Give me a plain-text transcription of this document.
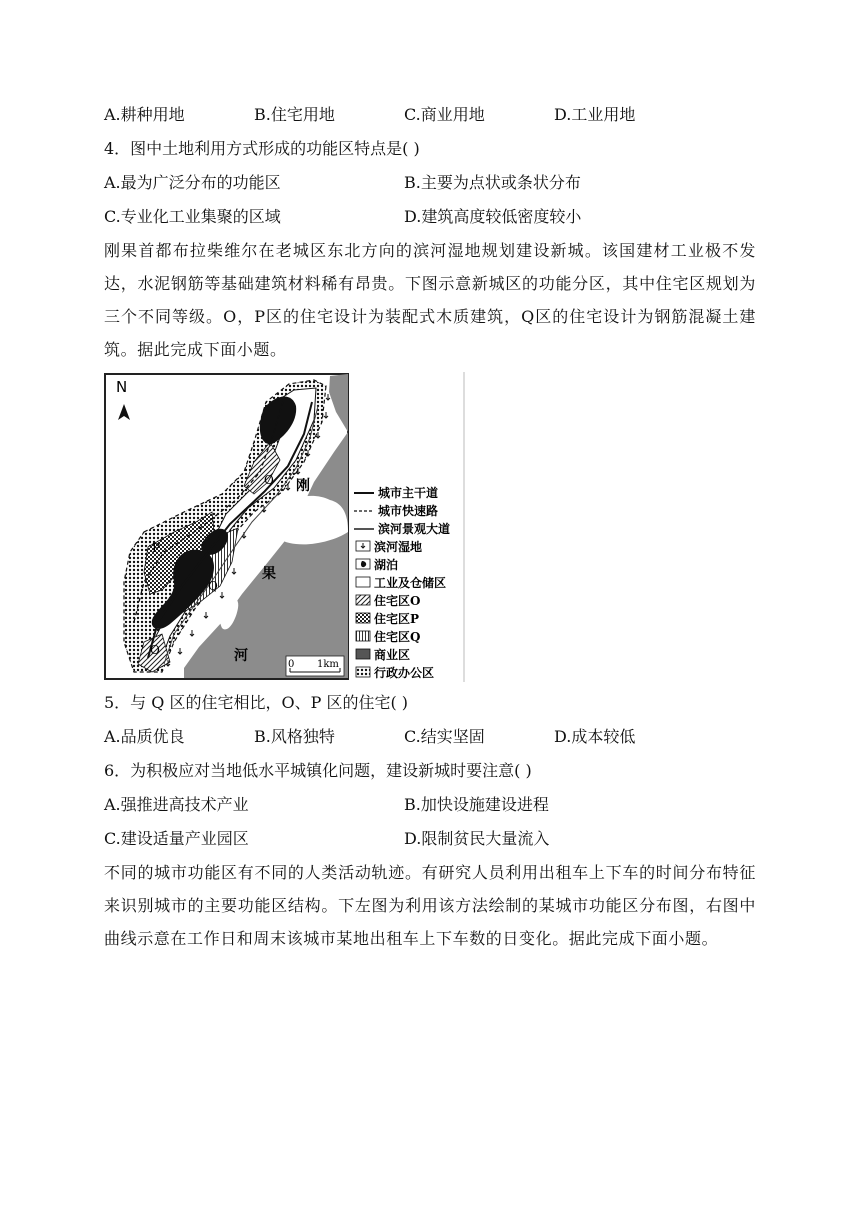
A.耕种用地	B.住宅用地	C.商业用地	D.工业用地
4．图中土地利用方式形成的功能区特点是( )
A.最为广泛分布的功能区	B.主要为点状或条状分布
C.专业化工业集聚的区域	D.建筑高度较低密度较小
刚果首都布拉柴维尔在老城区东北方向的滨河湿地规划建设新城。该国建材工业极不发达，水泥钢筋等基础建筑材料稀有昂贵。下图示意新城区的功能分区，其中住宅区规划为三个不同等级。O，P区的住宅设计为装配式木质建筑，Q区的住宅设计为钢筋混凝土建筑。据此完成下面小题。
N
O
P
Q
O
刚
果
河
0 1km
城市主干道
城市快速路
滨河景观大道
滨河湿地
湖泊
工业及仓储区
住宅区O
住宅区P
住宅区Q
商业区
行政办公区
5．与 Q 区的住宅相比，O、P 区的住宅( )
A.品质优良	B.风格独特	C.结实坚固	D.成本较低
6．为积极应对当地低水平城镇化问题，建设新城时要注意( )
A.强推进高技术产业	B.加快设施建设进程
C.建设适量产业园区	D.限制贫民大量流入
不同的城市功能区有不同的人类活动轨迹。有研究人员利用出租车上下车的时间分布特征来识别城市的主要功能区结构。下左图为利用该方法绘制的某城市功能区分布图，右图中曲线示意在工作日和周末该城市某地出租车上下车数的日变化。据此完成下面小题。
